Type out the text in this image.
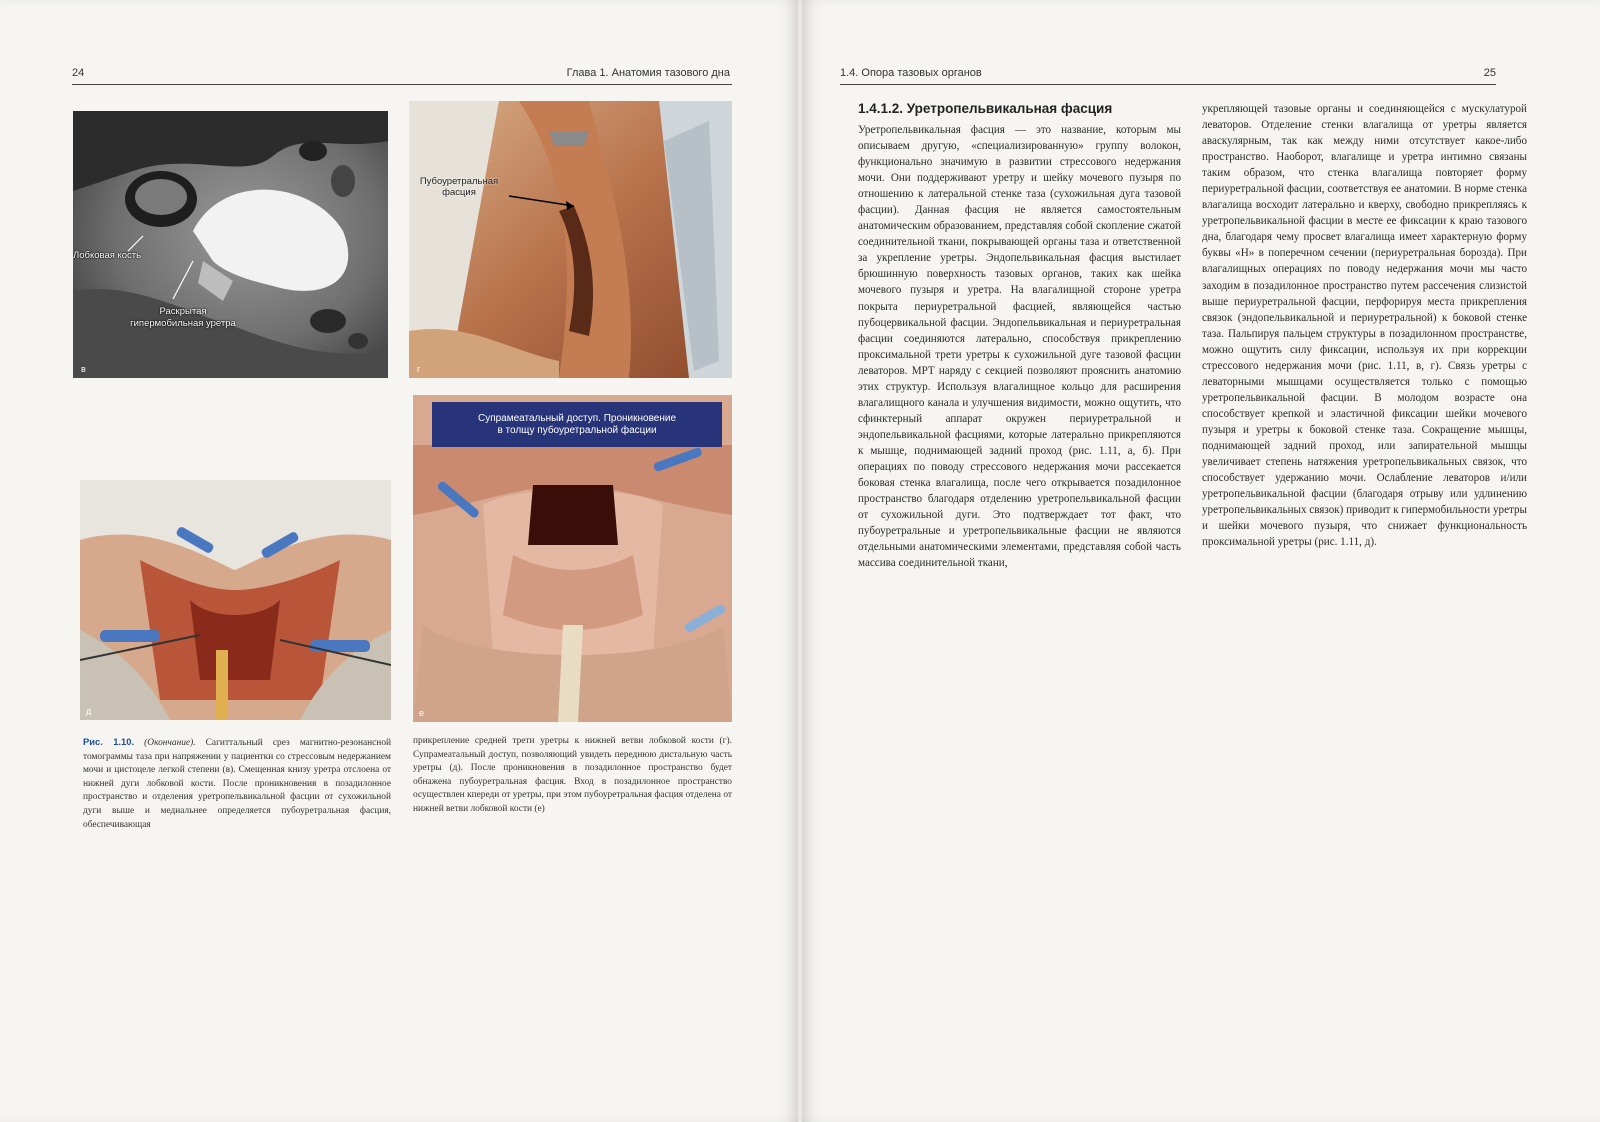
24	Глава 1. Анатомия тазового дна
Лобковая кость
Раскрытая
гипермобильная уретра
в
Пубоуретральная
фасция
г
д	е
Супрамеатальный доступ. Проникновение
в толщу пубоуретральной фасции
Рис. 1.10. (Окончание). Сагиттальный срез магнитно-резонансной томограммы таза при напряжении у пациентки со стрессовым недержанием мочи и цистоцеле легкой степени (в). Смещенная книзу уретра отслоена от нижней дуги лобковой кости. После проникновения в позадилонное пространство и отделения уретропельвикальной фасции от сухожильной дуги выше и медиальнее определяется пубоуретральная фасция, обеспечивающая
прикрепление средней трети уретры к нижней ветви лобковой кости (г). Супрамеатальный доступ, позволяющий увидеть переднюю дистальную часть уретры (д). После проникновения в позадилонное пространство будет обнажена пубоуретральная фасция. Вход в позадилонное пространство осуществлен кпереди от уретры, при этом пубоуретральная фасция отделена от нижней ветви лобковой кости (е)
1.4. Опора тазовых органов	25
1.4.1.2. Уретропельвикальная фасция

Уретропельвикальная фасция — это название, которым мы описываем другую, «специализированную» группу волокон, функционально значимую в развитии стрессового недержания мочи. Они поддерживают уретру и шейку мочевого пузыря по отношению к латеральной стенке таза (сухожильная дуга тазовой фасции). Данная фасция не является самостоятельным анатомическим образованием, представляя собой скопление сжатой соединительной ткани, покрывающей органы таза и ответственной за укрепление уретры. Эндопельвикальная фасция выстилает брюшинную поверхность тазовых органов, таких как шейка мочевого пузыря и уретра. На влагалищной стороне уретра покрыта периуретральной фасцией, являющейся частью пубоцервикальной фасции. Эндопельвикальная и периуретральная фасции соединяются латерально, способствуя прикреплению проксимальной трети уретры к сухожильной дуге тазовой фасции леваторов. МРТ наряду с секцией позволяют прояснить анатомию этих структур. Используя влагалищное кольцо для расширения влагалищного канала и улучшения видимости, можно ощутить, что сфинктерный аппарат окружен периуретральной и эндопельвикальной фасциями, которые латерально прикрепляются к мышце, поднимающей задний проход (рис. 1.11, а, б). При операциях по поводу стрессового недержания мочи рассекается боковая стенка влагалища, после чего открывается позадилонное пространство благодаря отделению уретропельвикальной фасции от сухожильной дуги. Это подтверждает тот факт, что пубоуретральные и уретропельвикальные фасции не являются отдельными анатомическими элементами, представляя собой часть массива соединительной ткани,

укрепляющей тазовые органы и соединяющейся с мускулатурой леваторов. Отделение стенки влагалища от уретры является аваскулярным, так как между ними отсутствует какое-либо пространство. Наоборот, влагалище и уретра интимно связаны таким образом, что стенка влагалища повторяет форму периуретральной фасции, соответствуя ее анатомии. В норме стенка влагалища восходит латерально и кверху, свободно прикрепляясь к уретропельвикальной фасции в месте ее фиксации к краю тазового дна, благодаря чему просвет влагалища имеет характерную форму буквы «Н» в поперечном сечении (периуретральная борозда). При влагалищных операциях по поводу недержания мочи мы часто заходим в позадилонное пространство путем рассечения слизистой выше периуретральной фасции, перфорируя места прикрепления связок (эндопельвикальной и периуретральной) к боковой стенке таза. Пальпируя пальцем структуры в позадилонном пространстве, можно ощутить силу фиксации, используя их при коррекции стрессового недержания мочи (рис. 1.11, в, г). Связь уретры с леваторными мышцами осуществляется только с помощью уретропельвикальной фасции. В молодом возрасте она способствует крепкой и эластичной фиксации шейки мочевого пузыря и уретры к боковой стенке таза. Сокращение мышцы, поднимающей задний проход, или запирательной мышцы увеличивает степень натяжения уретропельвикальных связок, что способствует удержанию мочи. Ослабление леваторов и/или уретропельвикальной фасции (благодаря отрыву или удлинению уретропельвикальных связок) приводит к гипермобильности уретры и шейки мочевого пузыря, что снижает функциональность проксимальной уретры (рис. 1.11, д).
